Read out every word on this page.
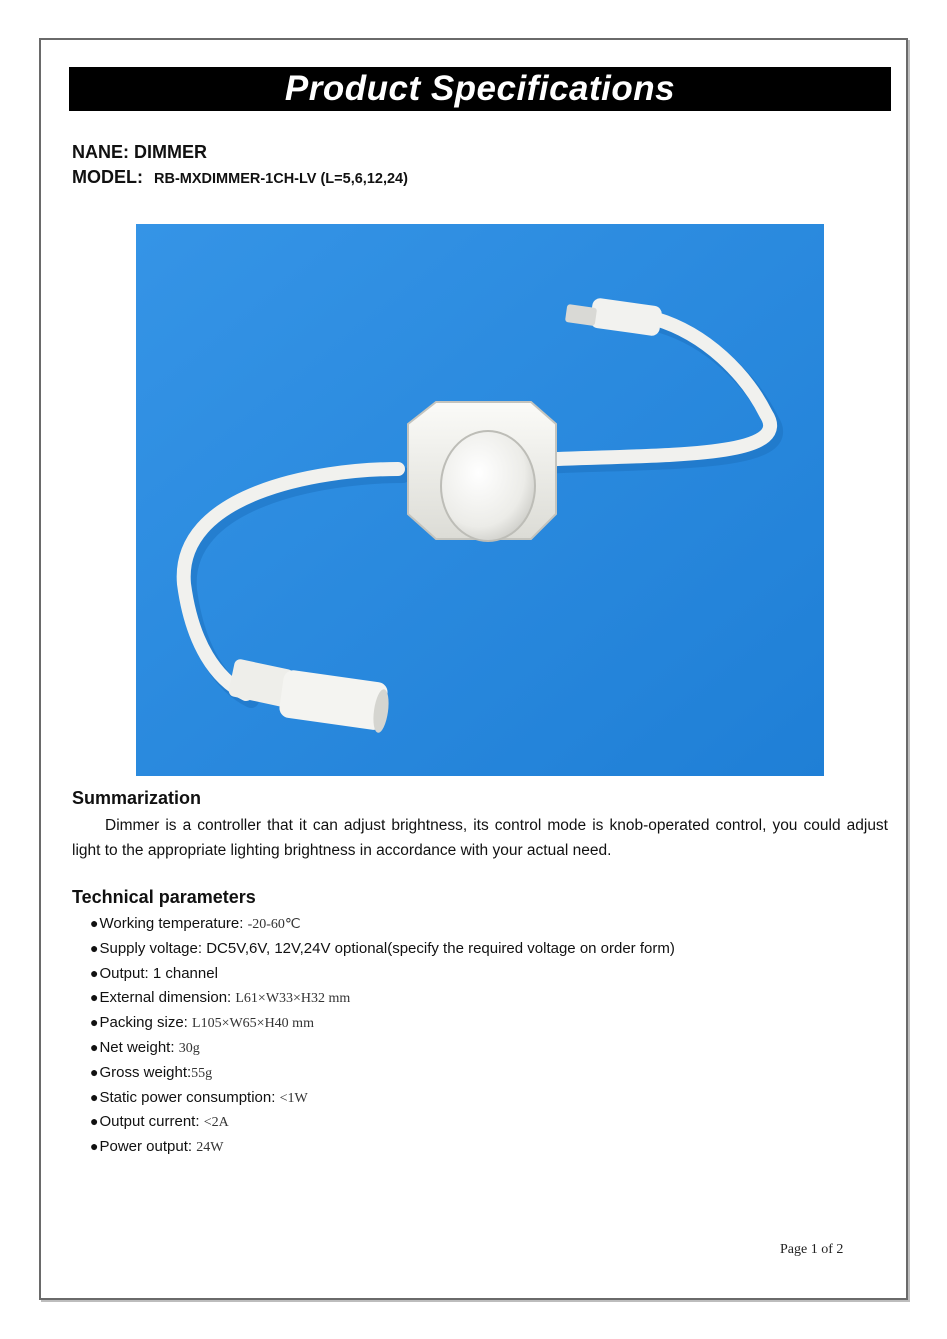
Product Specifications
NANE: DIMMER
MODEL: RB-MXDIMMER-1CH-LV (L=5,6,12,24)
Summarization
Dimmer is a controller that it can adjust brightness, its control mode is knob-operated control, you could adjust light to the appropriate lighting brightness in accordance with your actual need.
Technical parameters
●Working temperature: -20-60℃
●Supply voltage: DC5V,6V, 12V,24V optional(specify the required voltage on order form)
●Output: 1 channel
●External dimension: L61×W33×H32 mm
●Packing size: L105×W65×H40 mm
●Net weight: 30g
●Gross weight:55g
●Static power consumption: <1W
●Output current: <2A
●Power output: 24W
Page 1 of 2
